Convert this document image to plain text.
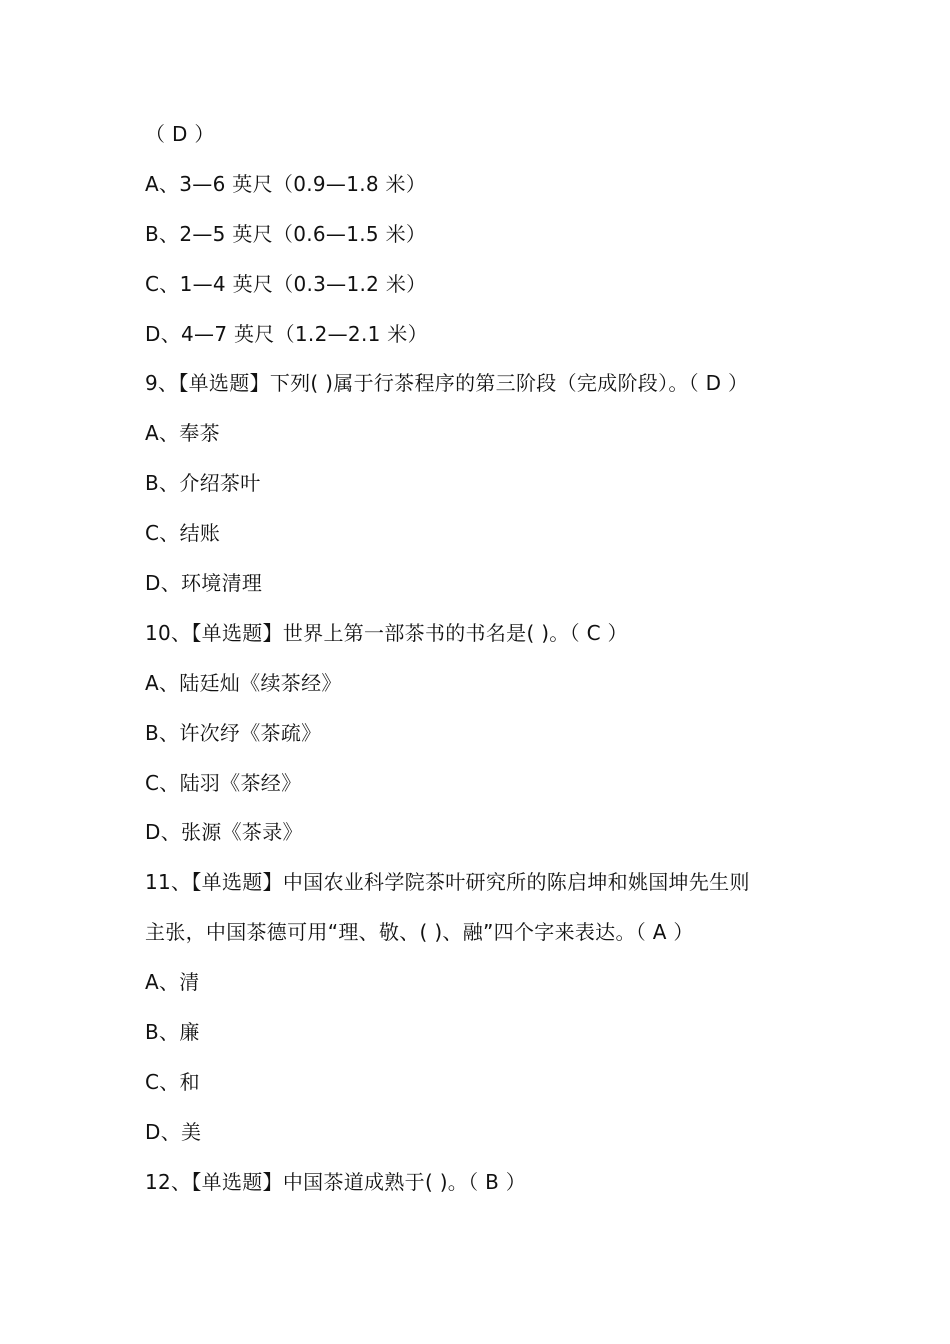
（ D ）
A、3—6 英尺（0.9—1.8 米）
B、2—5 英尺（0.6—1.5 米）
C、1—4 英尺（0.3—1.2 米）
D、4—7 英尺（1.2—2.1 米）
9、【单选题】下列( )属于行茶程序的第三阶段（完成阶段）。（ D ）
A、奉茶
B、介绍茶叶
C、结账
D、环境清理
10、【单选题】世界上第一部茶书的书名是( )。（ C ）
A、陆廷灿《续茶经》
B、许次纾《茶疏》
C、陆羽《茶经》
D、张源《茶录》
11、【单选题】中国农业科学院茶叶研究所的陈启坤和姚国坤先生则
主张，中国茶德可用“理、敬、( )、融”四个字来表达。（ A ）
A、清
B、廉
C、和
D、美
12、【单选题】中国茶道成熟于( )。（ B ）
